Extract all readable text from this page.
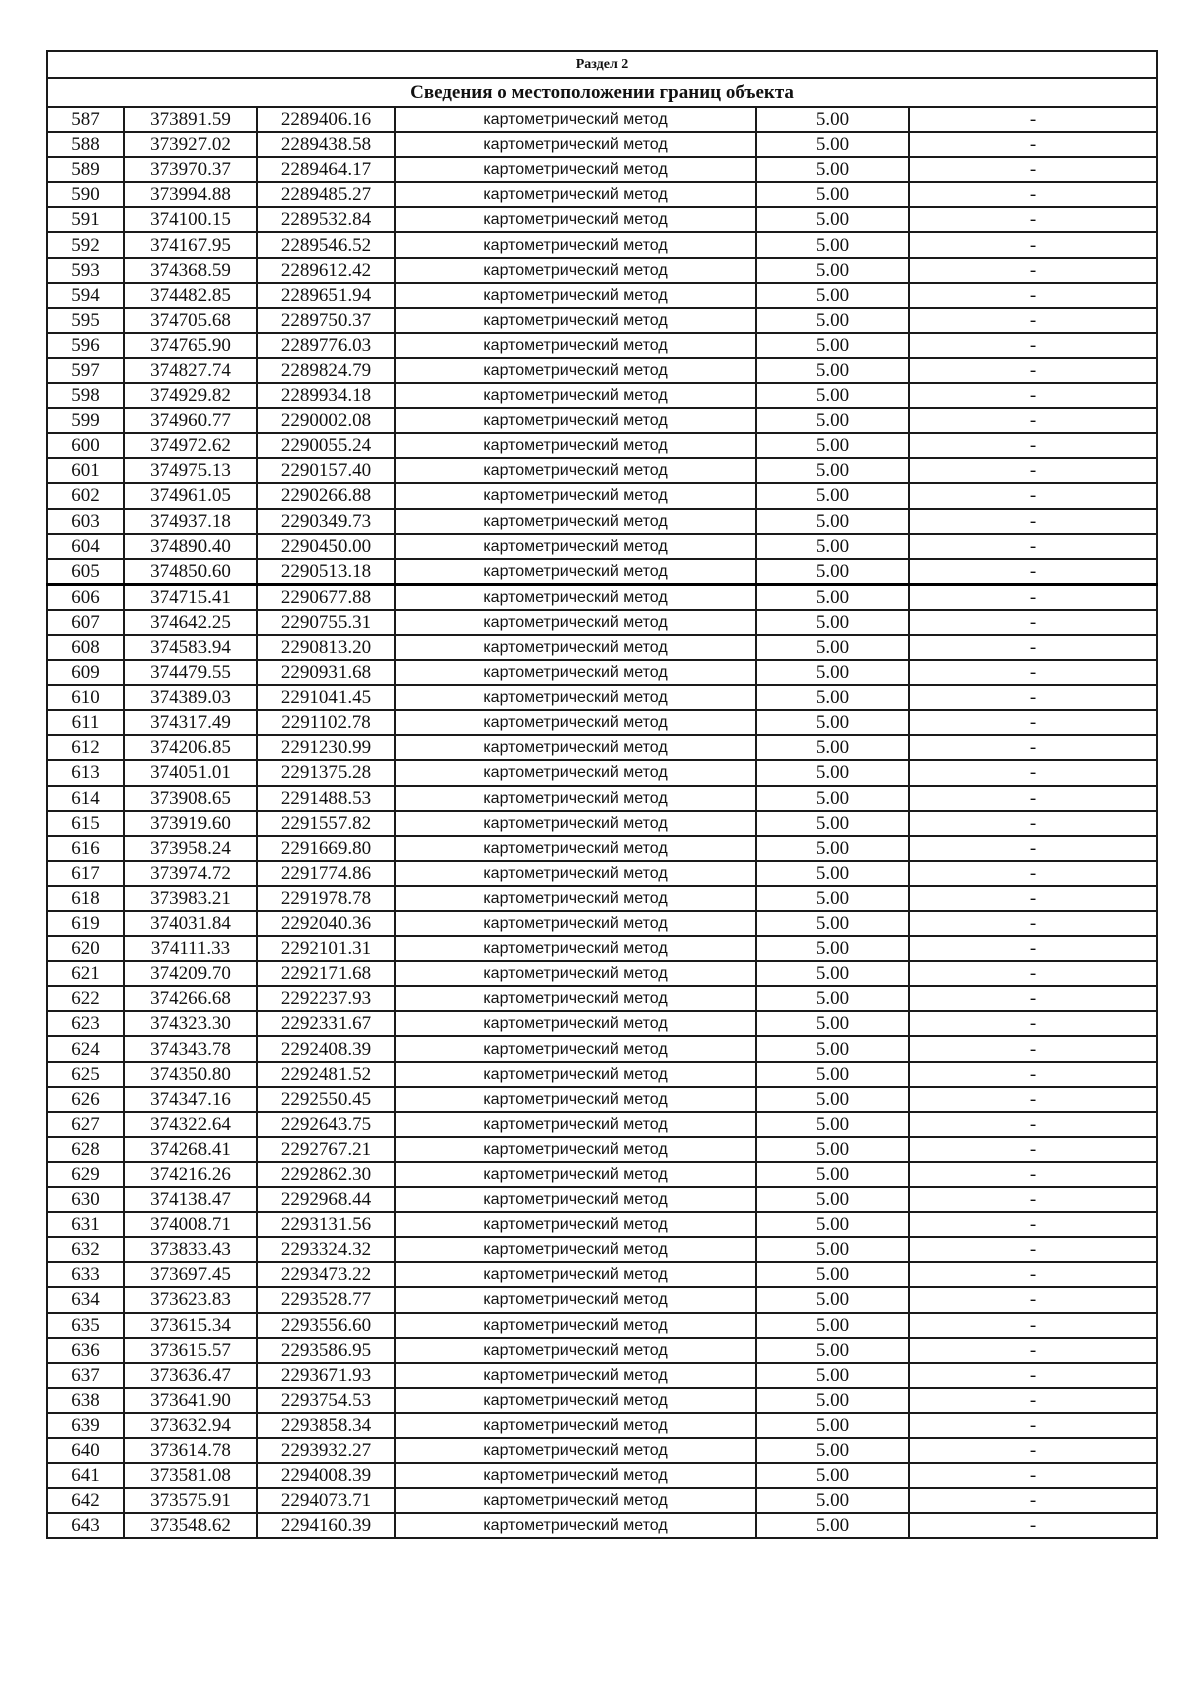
Раздел 2					
Сведения о местоположении границ объекта					
587	373891.59	2289406.16	картометрический метод	5.00	-
588	373927.02	2289438.58	картометрический метод	5.00	-
589	373970.37	2289464.17	картометрический метод	5.00	-
590	373994.88	2289485.27	картометрический метод	5.00	-
591	374100.15	2289532.84	картометрический метод	5.00	-
592	374167.95	2289546.52	картометрический метод	5.00	-
593	374368.59	2289612.42	картометрический метод	5.00	-
594	374482.85	2289651.94	картометрический метод	5.00	-
595	374705.68	2289750.37	картометрический метод	5.00	-
596	374765.90	2289776.03	картометрический метод	5.00	-
597	374827.74	2289824.79	картометрический метод	5.00	-
598	374929.82	2289934.18	картометрический метод	5.00	-
599	374960.77	2290002.08	картометрический метод	5.00	-
600	374972.62	2290055.24	картометрический метод	5.00	-
601	374975.13	2290157.40	картометрический метод	5.00	-
602	374961.05	2290266.88	картометрический метод	5.00	-
603	374937.18	2290349.73	картометрический метод	5.00	-
604	374890.40	2290450.00	картометрический метод	5.00	-
605	374850.60	2290513.18	картометрический метод	5.00	-
606	374715.41	2290677.88	картометрический метод	5.00	-
607	374642.25	2290755.31	картометрический метод	5.00	-
608	374583.94	2290813.20	картометрический метод	5.00	-
609	374479.55	2290931.68	картометрический метод	5.00	-
610	374389.03	2291041.45	картометрический метод	5.00	-
611	374317.49	2291102.78	картометрический метод	5.00	-
612	374206.85	2291230.99	картометрический метод	5.00	-
613	374051.01	2291375.28	картометрический метод	5.00	-
614	373908.65	2291488.53	картометрический метод	5.00	-
615	373919.60	2291557.82	картометрический метод	5.00	-
616	373958.24	2291669.80	картометрический метод	5.00	-
617	373974.72	2291774.86	картометрический метод	5.00	-
618	373983.21	2291978.78	картометрический метод	5.00	-
619	374031.84	2292040.36	картометрический метод	5.00	-
620	374111.33	2292101.31	картометрический метод	5.00	-
621	374209.70	2292171.68	картометрический метод	5.00	-
622	374266.68	2292237.93	картометрический метод	5.00	-
623	374323.30	2292331.67	картометрический метод	5.00	-
624	374343.78	2292408.39	картометрический метод	5.00	-
625	374350.80	2292481.52	картометрический метод	5.00	-
626	374347.16	2292550.45	картометрический метод	5.00	-
627	374322.64	2292643.75	картометрический метод	5.00	-
628	374268.41	2292767.21	картометрический метод	5.00	-
629	374216.26	2292862.30	картометрический метод	5.00	-
630	374138.47	2292968.44	картометрический метод	5.00	-
631	374008.71	2293131.56	картометрический метод	5.00	-
632	373833.43	2293324.32	картометрический метод	5.00	-
633	373697.45	2293473.22	картометрический метод	5.00	-
634	373623.83	2293528.77	картометрический метод	5.00	-
635	373615.34	2293556.60	картометрический метод	5.00	-
636	373615.57	2293586.95	картометрический метод	5.00	-
637	373636.47	2293671.93	картометрический метод	5.00	-
638	373641.90	2293754.53	картометрический метод	5.00	-
639	373632.94	2293858.34	картометрический метод	5.00	-
640	373614.78	2293932.27	картометрический метод	5.00	-
641	373581.08	2294008.39	картометрический метод	5.00	-
642	373575.91	2294073.71	картометрический метод	5.00	-
643	373548.62	2294160.39	картометрический метод	5.00	-
